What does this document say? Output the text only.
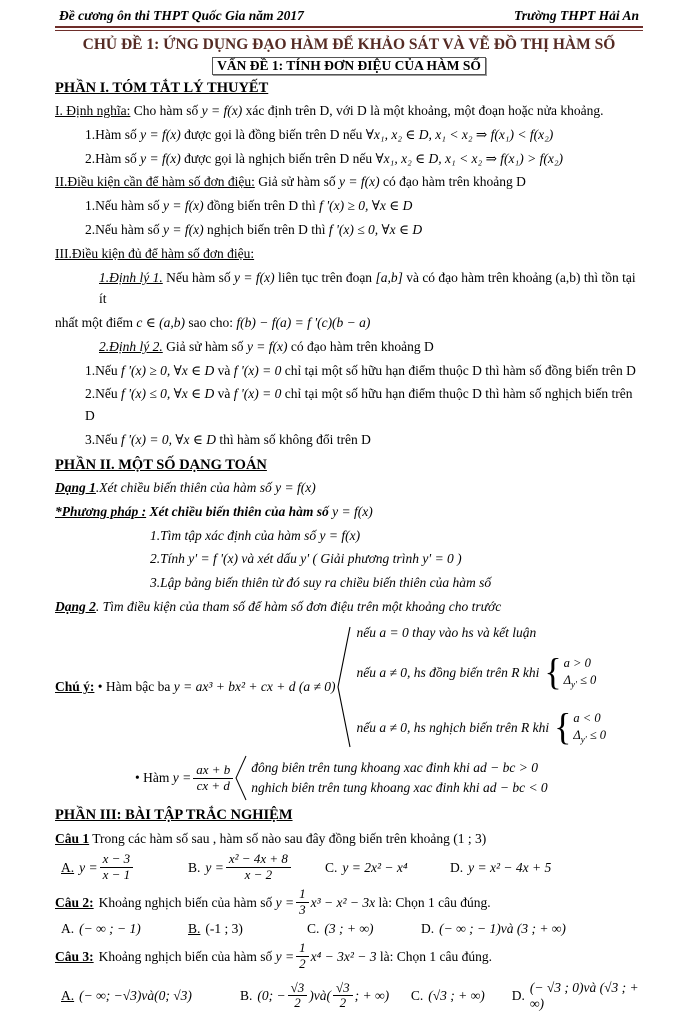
Đề cương ôn thi THPT Quốc Gia năm 2017	Trường THPT Hải An
CHỦ ĐỀ 1: ỨNG DỤNG ĐẠO HÀM ĐỂ KHẢO SÁT VÀ VẼ ĐỒ THỊ HÀM SỐ
VẤN ĐỀ 1: TÍNH ĐƠN ĐIỆU CỦA HÀM SỐ
PHẦN I. TÓM TẮT LÝ THUYẾT

I. Định nghĩa: Cho hàm số y = f(x) xác định trên D, với D là một khoảng, một đoạn hoặc nửa khoảng.

1.Hàm số y = f(x) được gọi là đồng biến trên D nếu ∀x₁, x₂ ∈ D, x₁ < x₂ ⇒ f(x₁) < f(x₂)

2.Hàm số y = f(x) được gọi là nghịch biến trên D nếu ∀x₁, x₂ ∈ D, x₁ < x₂ ⇒ f(x₁) > f(x₂)

II.Điều kiện cần để hàm số đơn điệu: Giả sử hàm số y = f(x) có đạo hàm trên khoảng D

1.Nếu hàm số y = f(x) đồng biến trên D thì f '(x) ≥ 0, ∀x ∈ D

2.Nếu hàm số y = f(x) nghịch biến trên D thì f '(x) ≤ 0, ∀x ∈ D

III.Điều kiện đủ để hàm số đơn điệu:

1.Định lý 1. Nếu hàm số y = f(x) liên tục trên đoạn [a,b] và có đạo hàm trên khoảng (a,b) thì tồn tại ít

nhất một điểm c ∈ (a,b) sao cho: f(b) − f(a) = f '(c)(b − a)

2.Định lý 2. Giả sử hàm số y = f(x) có đạo hàm trên khoảng D

1.Nếu f '(x) ≥ 0, ∀x ∈ D và f '(x) = 0 chỉ tại một số hữu hạn điểm thuộc D thì hàm số đồng biến trên D

2.Nếu f '(x) ≤ 0, ∀x ∈ D và f '(x) = 0 chỉ tại một số hữu hạn điểm thuộc D thì hàm số nghịch biến trên D

3.Nếu f '(x) = 0, ∀x ∈ D thì hàm số không đổi trên D

PHẦN II. MỘT SỐ DẠNG TOÁN

Dạng 1.Xét chiều biến thiên của hàm số y = f(x)

*Phương pháp : Xét chiều biến thiên của hàm số y = f(x)

1.Tìm tập xác định của hàm số y = f(x)

2.Tính y' = f '(x) và xét dấu y' ( Giải phương trình y' = 0 )

3.Lập bảng biến thiên từ đó suy ra chiều biến thiên của hàm số

Dạng 2. Tìm điều kiện của tham số để hàm số đơn điệu trên một khoảng cho trước

Chú ý: • Hàm bậc ba y = ax³ + bx² + cx + d (a ≠ 0)
nếu a = 0 thay vào hs và kết luận
nếu a ≠ 0, hs đồng biến trên R khi { a > 0
$\Delta_{y'} \le 0$
nếu a ≠ 0, hs nghịch biến trên R khi { a < 0
$\Delta_{y'} \le 0$
•
Hàm
$y = \frac{ax + b}{cx + d}$ đông biên trên tung khoang xac đinh khi ad − bc > 0
nghich biên trên tung khoang xac đinh khi ad − bc < 0
PHẦN III: BÀI TẬP TRẮC NGHIỆM

Câu 1 Trong các hàm số sau , hàm số nào sau đây đồng biến trên khoảng (1 ; 3)

A. $y = \frac{x - 3}{x - 1}$	B. $y = \frac{\text{x² − 4x + 8}}{x - 2}$	C. y = 2x² − x⁴	D. y = x² − 4x + 5

Câu 2: Khoảng nghịch biến của hàm số
$y = \frac{1}{3} x^3 - x^2 - 3x$
là: Chọn 1 câu đúng.

A. (− ∞ ; − 1)	B. (-1 ; 3)	C. (3 ; + ∞)	D. (− ∞ ; − 1)và (3 ; + ∞)

Câu 3: Khoảng nghịch biến của hàm số
$y = \frac{1}{2} x^4 - 3x^2 - 3$
là: Chọn 1 câu đúng.

A. (− ∞; −√3)và(0; √3)	B. (0; − $\frac{√3}{2}$ )và( $\frac{√3}{2}$ ; + ∞) C. (√3 ; + ∞) D.
(− √3 ; 0)và (√3 ; + ∞)
